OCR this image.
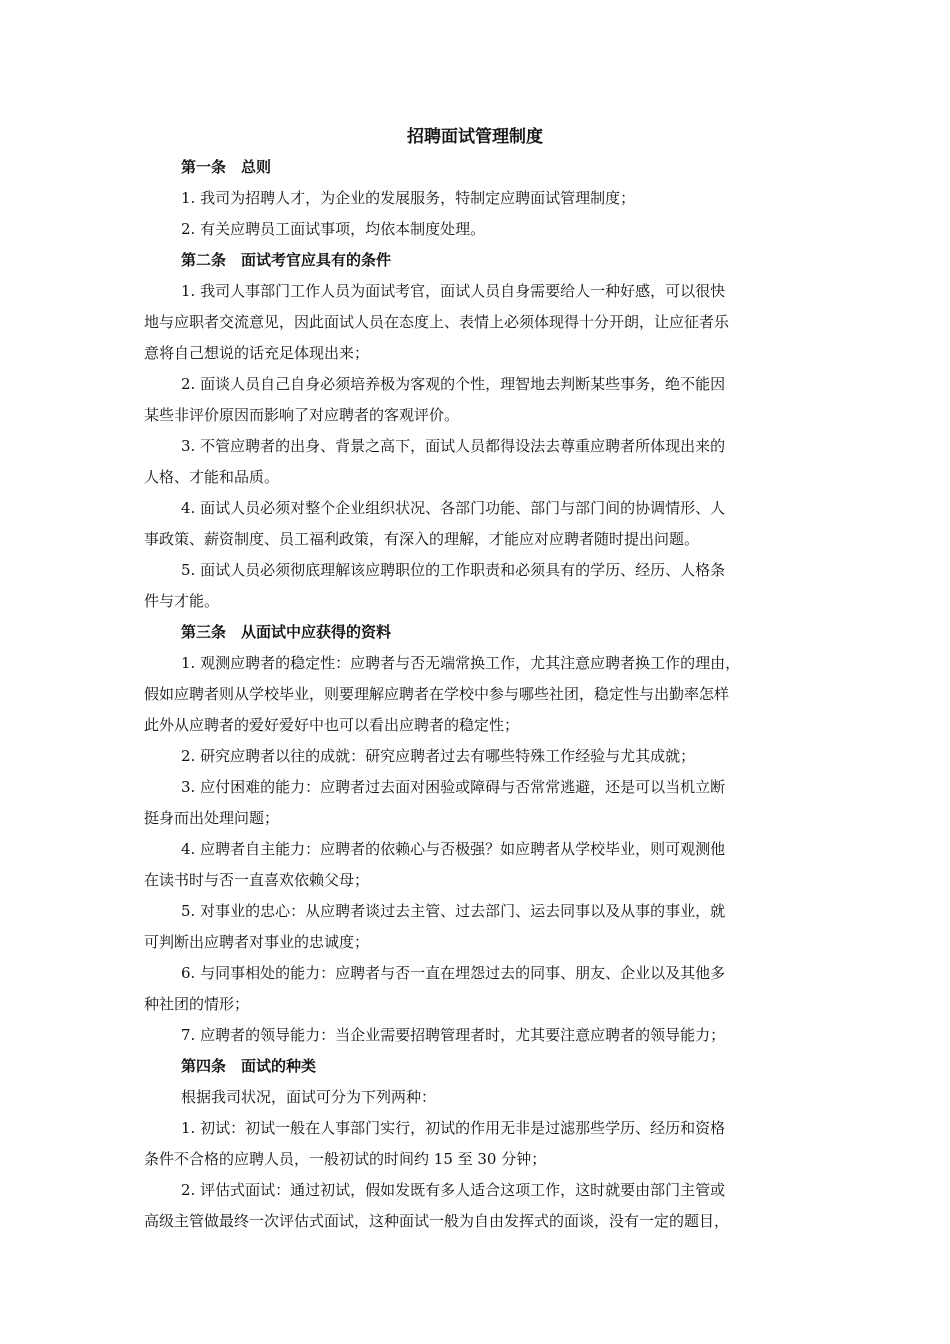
招聘面试管理制度
第一条　总则
1. 我司为招聘人才，为企业的发展服务，特制定应聘面试管理制度；
2. 有关应聘员工面试事项，均依本制度处理。
第二条　面试考官应具有的条件
1. 我司人事部门工作人员为面试考官，面试人员自身需要给人一种好感，可以很快
地与应职者交流意见，因此面试人员在态度上、表情上必须体现得十分开朗，让应征者乐
意将自己想说的话充足体现出来；
2. 面谈人员自己自身必须培养极为客观的个性，理智地去判断某些事务，绝不能因
某些非评价原因而影响了对应聘者的客观评价。
3. 不管应聘者的出身、背景之高下，面试人员都得设法去尊重应聘者所体现出来的
人格、才能和品质。
4. 面试人员必须对整个企业组织状况、各部门功能、部门与部门间的协调情形、人
事政策、薪资制度、员工福利政策，有深入的理解，才能应对应聘者随时提出问题。
5. 面试人员必须彻底理解该应聘职位的工作职责和必须具有的学历、经历、人格条
件与才能。
第三条　从面试中应获得的资料
1. 观测应聘者的稳定性：应聘者与否无端常换工作，尤其注意应聘者换工作的理由，
假如应聘者则从学校毕业，则要理解应聘者在学校中参与哪些社团，稳定性与出勤率怎样
此外从应聘者的爱好爱好中也可以看出应聘者的稳定性；
2. 研究应聘者以往的成就：研究应聘者过去有哪些特殊工作经验与尤其成就；
3. 应付困难的能力：应聘者过去面对困验或障碍与否常常逃避，还是可以当机立断
挺身而出处理问题；
4. 应聘者自主能力：应聘者的依赖心与否极强？如应聘者从学校毕业，则可观测他
在读书时与否一直喜欢依赖父母；
5. 对事业的忠心：从应聘者谈过去主管、过去部门、运去同事以及从事的事业，就
可判断出应聘者对事业的忠诚度；
6. 与同事相处的能力：应聘者与否一直在埋怨过去的同事、朋友、企业以及其他多
种社团的情形；
7. 应聘者的领导能力：当企业需要招聘管理者时，尤其要注意应聘者的领导能力；
第四条　面试的种类
根据我司状况，面试可分为下列两种：
1. 初试：初试一般在人事部门实行，初试的作用无非是过滤那些学历、经历和资格
条件不合格的应聘人员，一般初试的时间约 15 至 30 分钟；
2. 评估式面试：通过初试，假如发既有多人适合这项工作，这时就要由部门主管或
高级主管做最终一次评估式面试，这种面试一般为自由发挥式的面谈，没有一定的题目，
